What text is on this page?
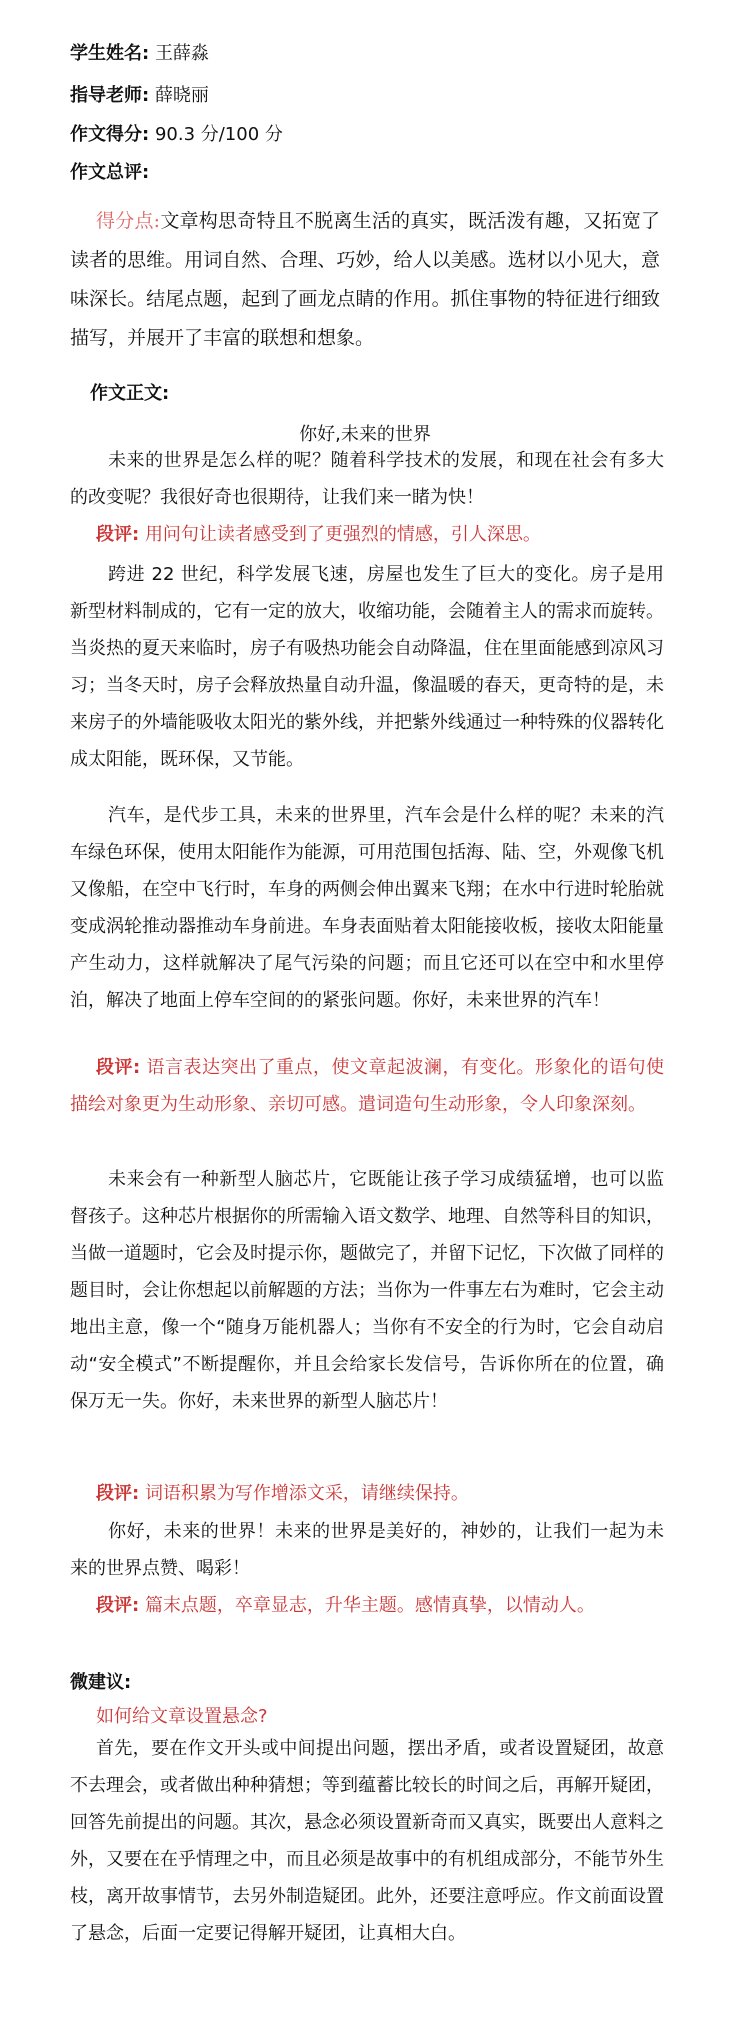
学生姓名: 王薛淼
指导老师: 薛晓丽
作文得分: 90.3 分/100 分
作文总评:
得分点:文章构思奇特且不脱离生活的真实，既活泼有趣，又拓宽了读者的思维。用词自然、合理、巧妙，给人以美感。选材以小见大，意味深长。结尾点题，起到了画龙点睛的作用。抓住事物的特征进行细致描写，并展开了丰富的联想和想象。
作文正文:
你好,未来的世界

未来的世界是怎么样的呢？随着科学技术的发展，和现在社会有多大的改变呢？我很好奇也很期待，让我们来一睹为快！

段评: 用问句让读者感受到了更强烈的情感，引人深思。

跨进 22 世纪，科学发展飞速，房屋也发生了巨大的变化。房子是用新型材料制成的，它有一定的放大，收缩功能，会随着主人的需求而旋转。当炎热的夏天来临时，房子有吸热功能会自动降温，住在里面能感到凉风习习；当冬天时，房子会释放热量自动升温，像温暖的春天，更奇特的是，未来房子的外墙能吸收太阳光的紫外线，并把紫外线通过一种特殊的仪器转化成太阳能，既环保，又节能。

汽车，是代步工具，未来的世界里，汽车会是什么样的呢？未来的汽车绿色环保，使用太阳能作为能源，可用范围包括海、陆、空，外观像飞机又像船，在空中飞行时，车身的两侧会伸出翼来飞翔；在水中行进时轮胎就变成涡轮推动器推动车身前进。车身表面贴着太阳能接收板，接收太阳能量产生动力，这样就解决了尾气污染的问题；而且它还可以在空中和水里停泊，解决了地面上停车空间的的紧张问题。你好，未来世界的汽车！

段评: 语言表达突出了重点，使文章起波澜，有变化。形象化的语句使描绘对象更为生动形象、亲切可感。遣词造句生动形象，令人印象深刻。

未来会有一种新型人脑芯片，它既能让孩子学习成绩猛增，也可以监督孩子。这种芯片根据你的所需输入语文数学、地理、自然等科目的知识，当做一道题时，它会及时提示你，题做完了，并留下记忆，下次做了同样的题目时，会让你想起以前解题的方法；当你为一件事左右为难时，它会主动地出主意，像一个“随身万能机器人；当你有不安全的行为时，它会自动启动“安全模式”不断提醒你，并且会给家长发信号，告诉你所在的位置，确保万无一失。你好，未来世界的新型人脑芯片！

段评: 词语积累为写作增添文采，请继续保持。

你好，未来的世界！未来的世界是美好的，神妙的，让我们一起为未来的世界点赞、喝彩！

段评: 篇末点题，卒章显志，升华主题。感情真挚，以情动人。
微建议:
如何给文章设置悬念?

首先，要在作文开头或中间提出问题，摆出矛盾，或者设置疑团，故意不去理会，或者做出种种猜想；等到蕴蓄比较长的时间之后，再解开疑团，回答先前提出的问题。其次，悬念必须设置新奇而又真实，既要出人意料之外，又要在在乎情理之中，而且必须是故事中的有机组成部分，不能节外生枝，离开故事情节，去另外制造疑团。此外，还要注意呼应。作文前面设置了悬念，后面一定要记得解开疑团，让真相大白。
